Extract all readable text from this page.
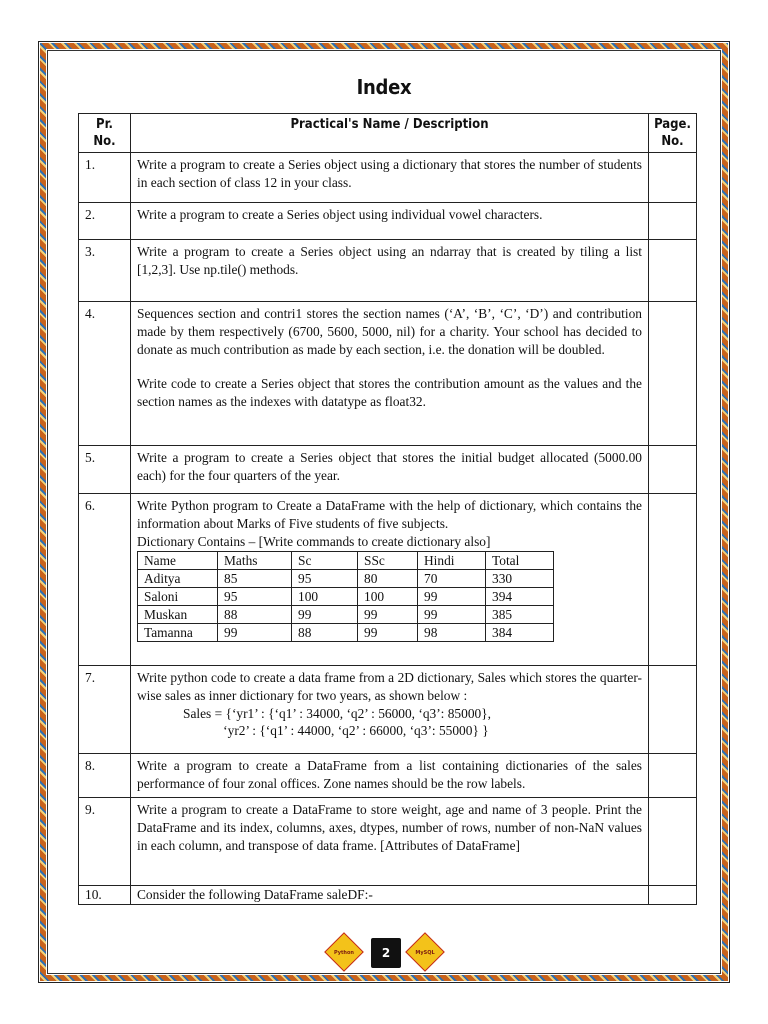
Index
Pr. No.	Practical's Name / Description	Page. No.
1.	Write a program to create a Series object using a dictionary that stores the number of students in each section of class 12 in your class.	
2.	Write a program to create a Series object using individual vowel characters.	
3.	Write a program to create a Series object using an ndarray that is created by tiling a list [1,2,3]. Use np.tile() methods.	
4.	Sequences section and contri1 stores the section names (‘A’, ‘B’, ‘C’, ‘D’) and contribution made by them respectively (6700, 5600, 5000, nil) for a charity. Your school has decided to donate as much contribution as made by each section, i.e. the donation will be doubled.
Write code to create a Series object that stores the contribution amount as the values and the section names as the indexes with datatype as float32.

5.	Write a program to create a Series object that stores the initial budget allocated (5000.00 each) for the four quarters of the year.	
6.	Write Python program to Create a DataFrame with the help of dictionary, which contains the information about Marks of Five students of five subjects.
Dictionary Contains – [Write commands to create dictionary also]
Name	Maths	Sc	SSc	Hindi	Total
Aditya	85	95	80	70	330
Saloni	95	100	100	99	394
Muskan	88	99	99	99	385
Tamanna	99	88	99	98	384

7.	Write python code to create a data frame from a 2D dictionary, Sales which stores the quarter-wise sales as inner dictionary for two years, as shown below :
Sales = {‘yr1’ : {‘q1’ : 34000, ‘q2’ : 56000, ‘q3’: 85000},
‘yr2’ : {‘q1’ : 44000, ‘q2’ : 66000, ‘q3’: 55000} }

8.	Write a program to create a DataFrame from a list containing dictionaries of the sales performance of four zonal offices. Zone names should be the row labels.	
9.	Write a program to create a DataFrame to store weight, age and name of 3 people. Print the DataFrame and its index, columns, axes, dtypes, number of rows, number of non-NaN values in each column, and transpose of data frame. [Attributes of DataFrame]	
10.	Consider the following DataFrame saleDF:-	
Python	2	MySQL
